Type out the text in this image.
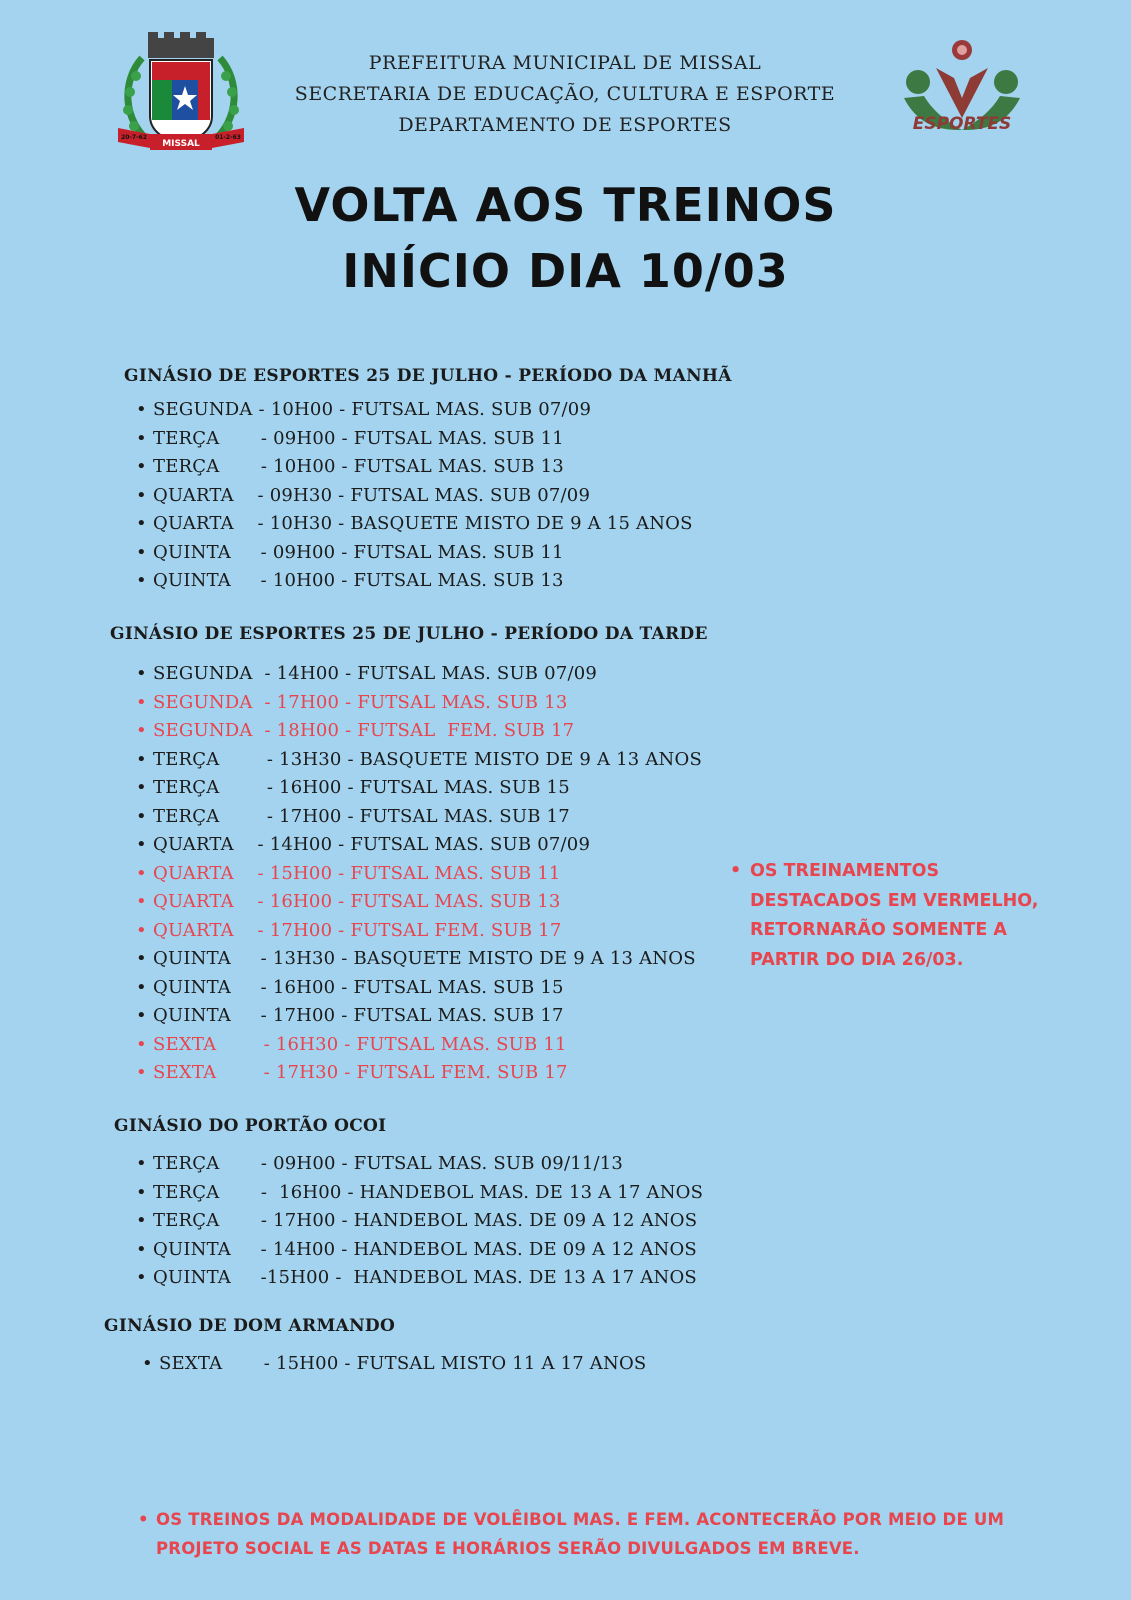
MISSAL
20-7-62	01-2-63
PREFEITURA MUNICIPAL DE MISSAL
SECRETARIA DE EDUCAÇÃO, CULTURA E ESPORTE
DEPARTAMENTO DE ESPORTES	ESPORTES
VOLTA AOS TREINOS
INÍCIO DIA 10/03
GINÁSIO DE ESPORTES 25 DE JULHO - PERÍODO DA MANHÃ
• SEGUNDA - 10H00 - FUTSAL MAS. SUB 07/09
• TERÇA       - 09H00 - FUTSAL MAS. SUB 11
• TERÇA       - 10H00 - FUTSAL MAS. SUB 13
• QUARTA    - 09H30 - FUTSAL MAS. SUB 07/09
• QUARTA    - 10H30 - BASQUETE MISTO DE 9 A 15 ANOS
• QUINTA     - 09H00 - FUTSAL MAS. SUB 11
• QUINTA     - 10H00 - FUTSAL MAS. SUB 13
GINÁSIO DE ESPORTES 25 DE JULHO - PERÍODO DA TARDE
• SEGUNDA  - 14H00 - FUTSAL MAS. SUB 07/09
• SEGUNDA  - 17H00 - FUTSAL MAS. SUB 13
• SEGUNDA  - 18H00 - FUTSAL  FEM. SUB 17
• TERÇA        - 13H30 - BASQUETE MISTO DE 9 A 13 ANOS
• TERÇA        - 16H00 - FUTSAL MAS. SUB 15
• TERÇA        - 17H00 - FUTSAL MAS. SUB 17
• QUARTA    - 14H00 - FUTSAL MAS. SUB 07/09
• QUARTA    - 15H00 - FUTSAL MAS. SUB 11
• QUARTA    - 16H00 - FUTSAL MAS. SUB 13
• QUARTA    - 17H00 - FUTSAL FEM. SUB 17
• QUINTA     - 13H30 - BASQUETE MISTO DE 9 A 13 ANOS
• QUINTA     - 16H00 - FUTSAL MAS. SUB 15
• QUINTA     - 17H00 - FUTSAL MAS. SUB 17
• SEXTA        - 16H30 - FUTSAL MAS. SUB 11
• SEXTA        - 17H30 - FUTSAL FEM. SUB 17
• OS TREINAMENTOS DESTACADOS EM VERMELHO, RETORNARÃO SOMENTE A PARTIR DO DIA 26/03.
GINÁSIO DO PORTÃO OCOI
• TERÇA       - 09H00 - FUTSAL MAS. SUB 09/11/13
• TERÇA       -  16H00 - HANDEBOL MAS. DE 13 A 17 ANOS
• TERÇA       - 17H00 - HANDEBOL MAS. DE 09 A 12 ANOS
• QUINTA     - 14H00 - HANDEBOL MAS. DE 09 A 12 ANOS
• QUINTA     -15H00 -  HANDEBOL MAS. DE 13 A 17 ANOS
GINÁSIO DE DOM ARMANDO
• SEXTA       - 15H00 - FUTSAL MISTO 11 A 17 ANOS
• OS TREINOS DA MODALIDADE DE VOLÊIBOL MAS. E FEM. ACONTECERÃO POR MEIO DE UM PROJETO SOCIAL E AS DATAS E HORÁRIOS SERÃO DIVULGADOS EM BREVE.
